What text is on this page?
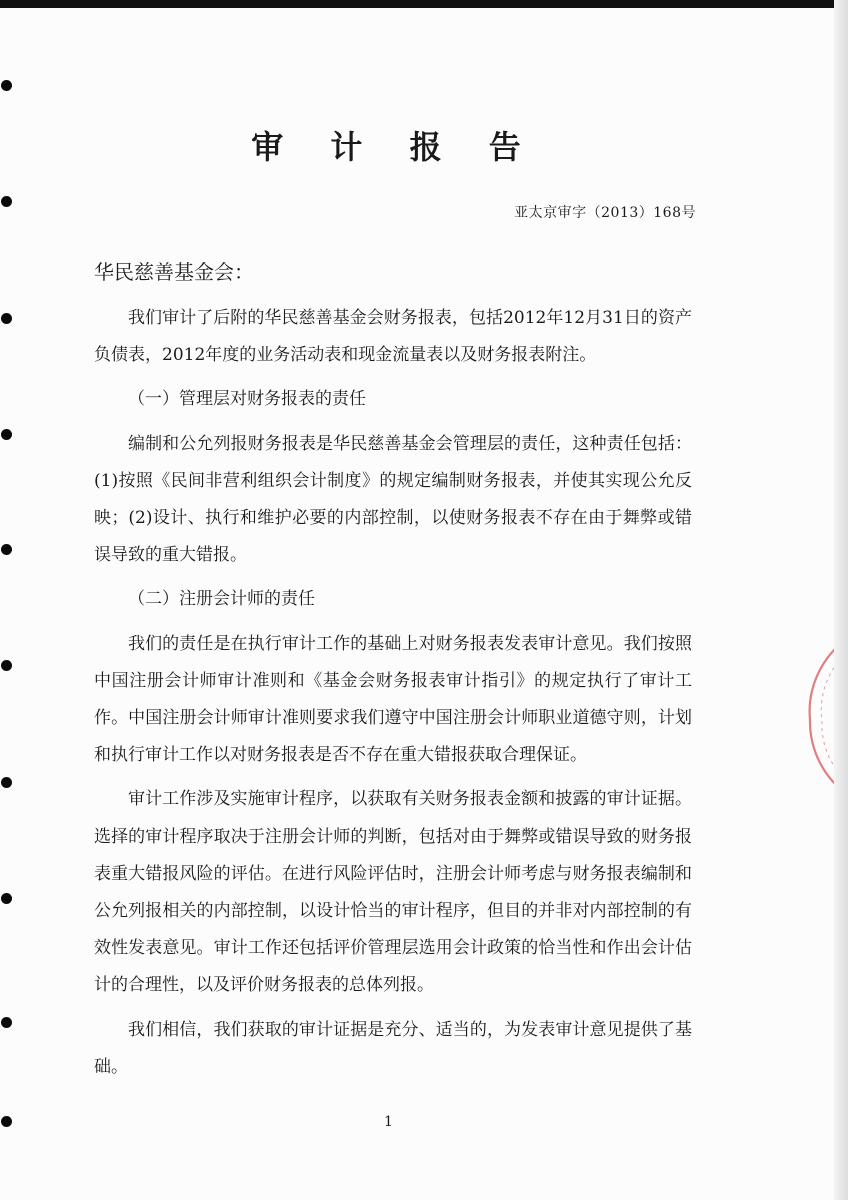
审 计 报 告
亚太京审字（2013）168号
华民慈善基金会：

我们审计了后附的华民慈善基金会财务报表，包括2012年12月31日的资产负债表，2012年度的业务活动表和现金流量表以及财务报表附注。

（一）管理层对财务报表的责任

编制和公允列报财务报表是华民慈善基金会管理层的责任，这种责任包括：(1)按照《民间非营利组织会计制度》的规定编制财务报表，并使其实现公允反映；(2)设计、执行和维护必要的内部控制，以使财务报表不存在由于舞弊或错误导致的重大错报。

（二）注册会计师的责任

我们的责任是在执行审计工作的基础上对财务报表发表审计意见。我们按照中国注册会计师审计准则和《基金会财务报表审计指引》的规定执行了审计工作。中国注册会计师审计准则要求我们遵守中国注册会计师职业道德守则，计划和执行审计工作以对财务报表是否不存在重大错报获取合理保证。

审计工作涉及实施审计程序，以获取有关财务报表金额和披露的审计证据。选择的审计程序取决于注册会计师的判断，包括对由于舞弊或错误导致的财务报表重大错报风险的评估。在进行风险评估时，注册会计师考虑与财务报表编制和公允列报相关的内部控制，以设计恰当的审计程序，但目的并非对内部控制的有效性发表意见。审计工作还包括评价管理层选用会计政策的恰当性和作出会计估计的合理性，以及评价财务报表的总体列报。

我们相信，我们获取的审计证据是充分、适当的，为发表审计意见提供了基础。

1
